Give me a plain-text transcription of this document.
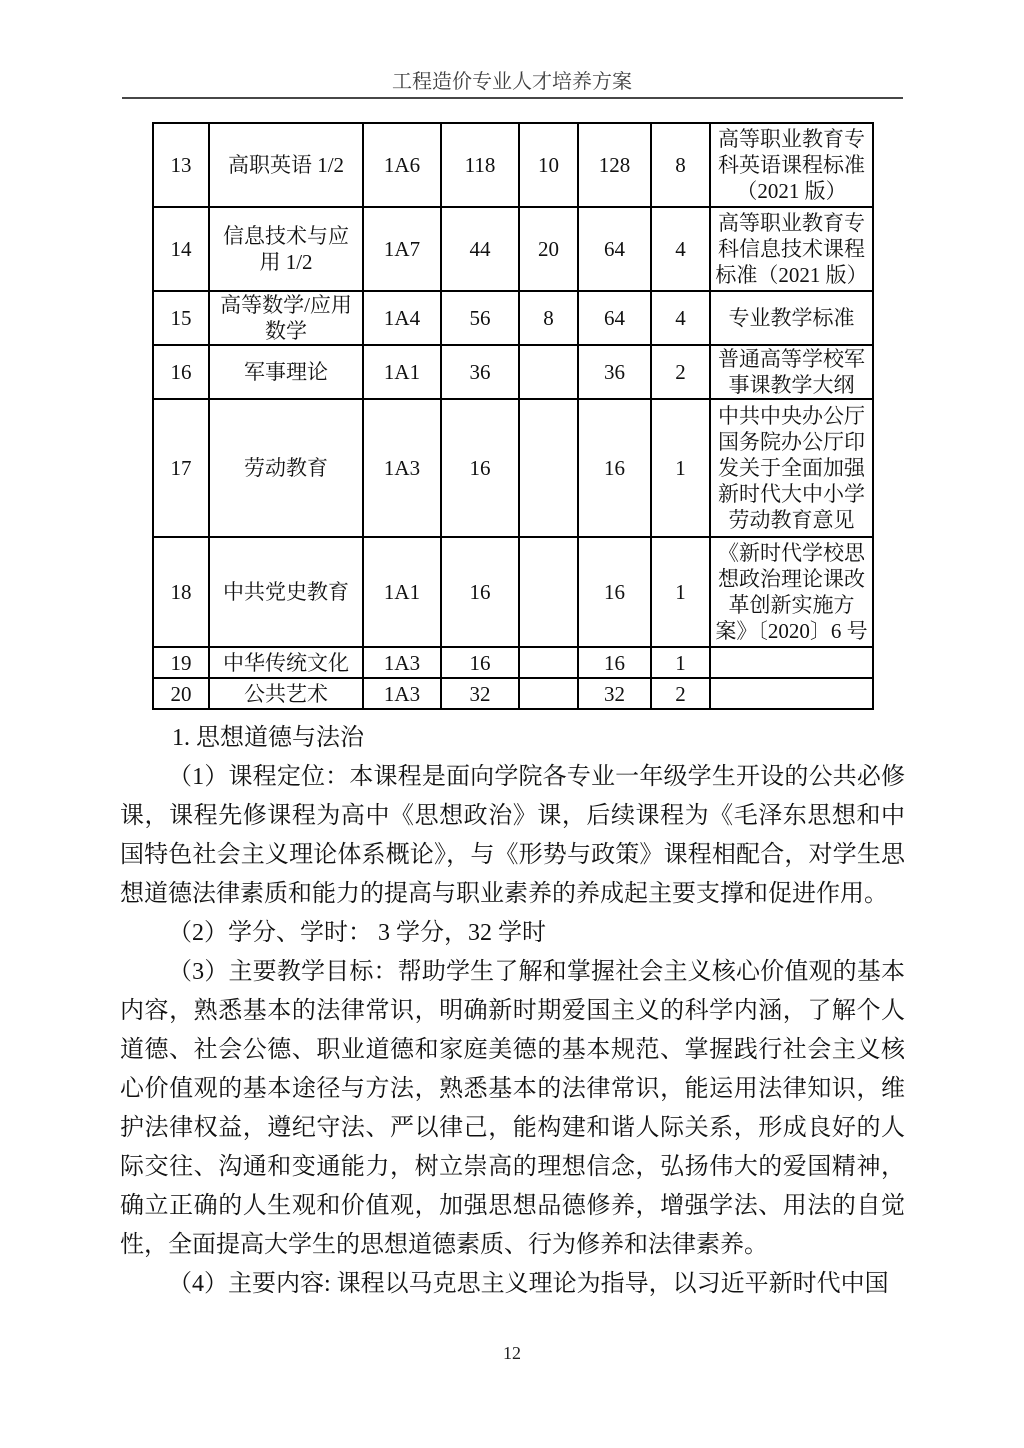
工程造价专业人才培养方案
13	高职英语 1/2	1A6	118	10	128	8	高等职业教育专科英语课程标准（2021 版）
14	信息技术与应用 1/2	1A7	44	20	64	4	高等职业教育专科信息技术课程标准（2021 版）
15	高等数学/应用数学	1A4	56	8	64	4	专业教学标准
16	军事理论	1A1	36		36	2	普通高等学校军事课教学大纲
17	劳动教育	1A3	16		16	1	中共中央办公厅国务院办公厅印发关于全面加强新时代大中小学劳动教育意见
18	中共党史教育	1A1	16		16	1	《新时代学校思想政治理论课改革创新实施方案》〔2020〕6 号
19	中华传统文化	1A3	16		16	1	
20	公共艺术	1A3	32		32	2	

1. 思想道德与法治

（1）课程定位：本课程是面向学院各专业一年级学生开设的公共必修课，课程先修课程为高中《思想政治》课，后续课程为《毛泽东思想和中国特色社会主义理论体系概论》，与《形势与政策》课程相配合，对学生思想道德法律素质和能力的提高与职业素养的养成起主要支撑和促进作用。

（2）学分、学时： 3 学分，32 学时

（3）主要教学目标：帮助学生了解和掌握社会主义核心价值观的基本内容，熟悉基本的法律常识，明确新时期爱国主义的科学内涵，了解个人道德、社会公德、职业道德和家庭美德的基本规范、掌握践行社会主义核心价值观的基本途径与方法，熟悉基本的法律常识，能运用法律知识，维护法律权益，遵纪守法、严以律己，能构建和谐人际关系，形成良好的人际交往、沟通和变通能力，树立崇高的理想信念，弘扬伟大的爱国精神，确立正确的人生观和价值观，加强思想品德修养，增强学法、用法的自觉性，全面提高大学生的思想道德素质、行为修养和法律素养。

（4）主要内容: 课程以马克思主义理论为指导，以习近平新时代中国

12
